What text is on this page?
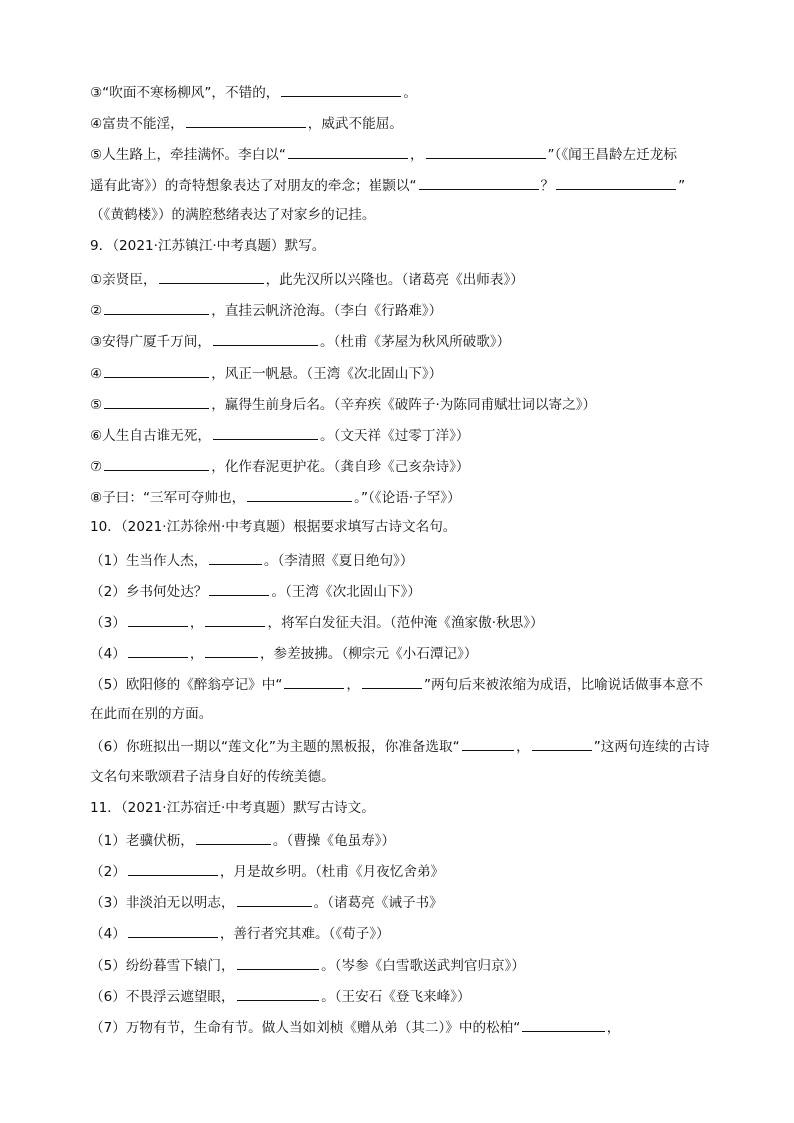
③“吹面不寒杨柳风”，不错的，	。
④富贵不能淫，	，威武不能屈。
⑤人生路上，牵挂满怀。李白以“	，	”（《闻王昌龄左迁龙标
遥有此寄》）的奇特想象表达了对朋友的牵念；崔颢以“	？	”
（《黄鹤楼》）的满腔愁绪表达了对家乡的记挂。
9．（2021·江苏镇江·中考真题）默写。
①亲贤臣，	，此先汉所以兴隆也。（诸葛亮《出师表》）
②	，直挂云帆济沧海。（李白《行路难》）
③安得广厦千万间，	。（杜甫《茅屋为秋风所破歌》）
④	，风正一帆悬。（王湾《次北固山下》）
⑤	，赢得生前身后名。（辛弃疾《破阵子·为陈同甫赋壮词以寄之》）
⑥人生自古谁无死，	。（文天祥《过零丁洋》）
⑦	，化作春泥更护花。（龚自珍《己亥杂诗》）
⑧子曰：“三军可夺帅也，	。”（《论语·子罕》）
10．（2021·江苏徐州·中考真题）根据要求填写古诗文名句。
（1）生当作人杰，	。（李清照《夏日绝句》）
（2）乡书何处达？	。（王湾《次北固山下》）
（3）	，	，将军白发征夫泪。（范仲淹《渔家傲·秋思》）
（4）	，	，参差披拂。（柳宗元《小石潭记》）
（5）欧阳修的《醉翁亭记》中“	，	”两句后来被浓缩为成语，比喻说话做事本意不
在此而在别的方面。
（6）你班拟出一期以“莲文化”为主题的黑板报，你准备选取“	，	”这两句连续的古诗
文名句来歌颂君子洁身自好的传统美德。
11．（2021·江苏宿迁·中考真题）默写古诗文。
（1）老骥伏枥，	。（曹操《龟虽寿》）
（2）	，月是故乡明。（杜甫《月夜忆舍弟》
（3）非淡泊无以明志，	。（诸葛亮《诫子书》
（4）	，善行者究其难。（《荀子》）
（5）纷纷暮雪下辕门，	。（岑参《白雪歌送武判官归京》）
（6）不畏浮云遮望眼，	。（王安石《登飞来峰》）
（7）万物有节，生命有节。做人当如刘桢《赠从弟（其二）》中的松柏“	，
